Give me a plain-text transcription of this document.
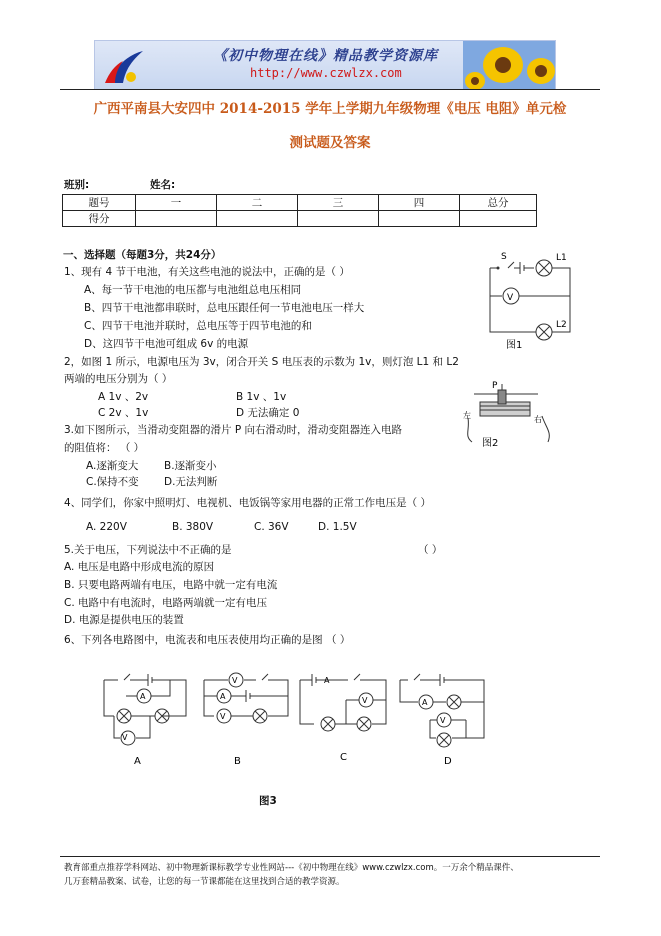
《初中物理在线》精品教学资源库
http://www.czwlzx.com
广西平南县大安四中 2014-2015 学年上学期九年级物理《电压 电阻》单元检
测试题及答案
班别:	姓名:
题号	一	二	三	四	总分
得分					
一、选择题（每题3分，共24分）
1、现有 4 节干电池，有关这些电池的说法中，正确的是（ ）
A、每一节干电池的电压都与电池组总电压相同
B、四节干电池都串联时，总电压跟任何一节电池电压一样大
C、四节干电池并联时，总电压等于四节电池的和
D、这四节干电池可组成 6v 的电源
S	L1
V
L2
图1
2，如图 1 所示，电源电压为 3v，闭合开关 S 电压表的示数为 1v，则灯泡 L1 和 L2
两端的电压分别为（ ）
A 1v 、2v	B 1v 、1v
C 2v 、1v	D 无法确定 0
P
左	右
图2
3.如下图所示，当滑动变阻器的滑片 P 向右滑动时，滑动变阻器连入电路
的阻值将： （ ）
A.逐渐变大 B.逐渐变小
C.保持不变 D.无法判断
4、同学们，你家中照明灯、电视机、电饭锅等家用电器的正常工作电压是（ ）
A. 220V	B. 380V	C. 36V	D. 1.5V
5.关于电压，下列说法中不正确的是	（ ）
A. 电压是电路中形成电流的原因
B. 只要电路两端有电压，电路中就一定有电流
C. 电路中有电流时，电路两端就一定有电压
D. 电源是提供电压的装置
6、下列各电路图中，电流表和电压表使用均正确的是图 （ ）
V
A
V
A
V
A
V	A
V
A	B	C	D
图3
教育部重点推荐学科网站、初中物理新课标教学专业性网站---《初中物理在线》www.czwlzx.com。一万余个精品课件、
几万套精品教案、试卷，让您的每一节课都能在这里找到合适的教学资源。
